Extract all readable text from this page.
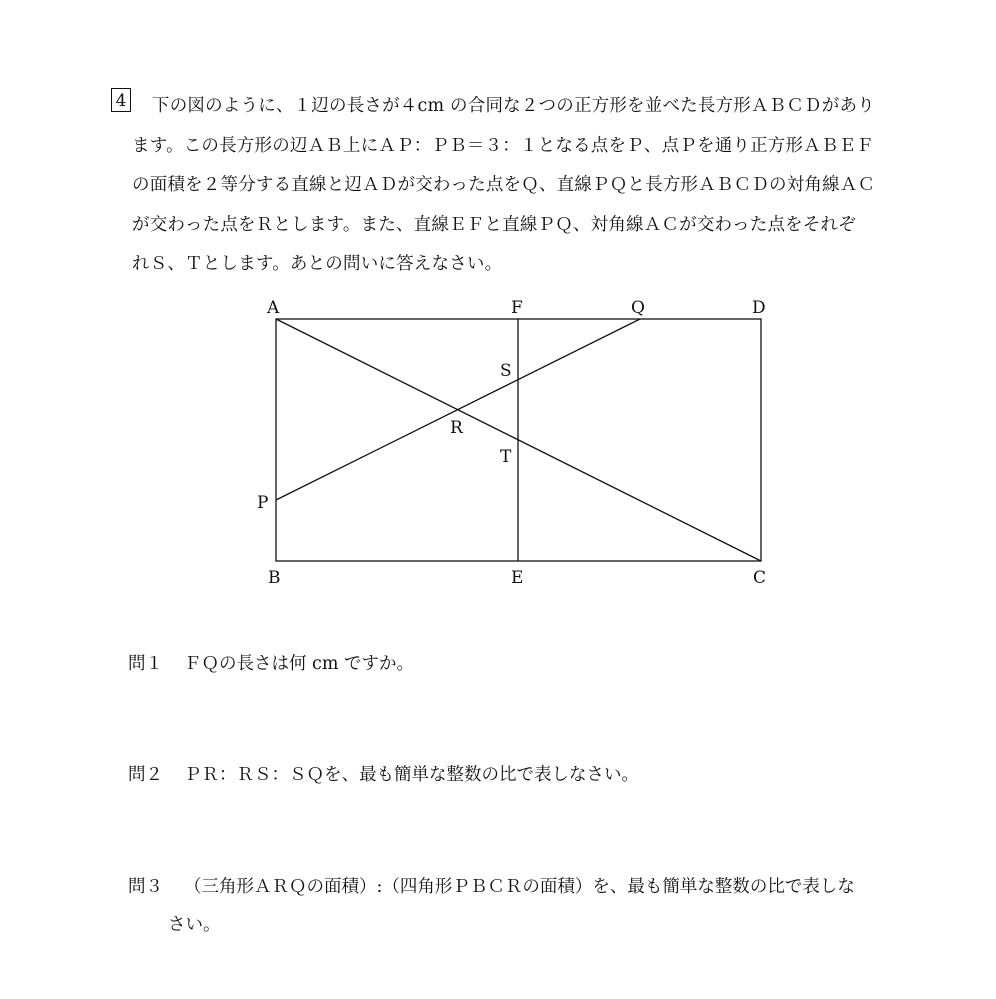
4	下の図のように、１辺の長さが４cm の合同な２つの正方形を並べた長方形ＡＢＣＤがあり
ます。この長方形の辺ＡＢ上にＡＰ：ＰＢ＝３：１となる点をＰ、点Ｐを通り正方形ＡＢＥＦ
の面積を２等分する直線と辺ＡＤが交わった点をＱ、直線ＰＱと長方形ＡＢＣＤの対角線ＡＣ
が交わった点をＲとします。また、直線ＥＦと直線ＰＱ、対角線ＡＣが交わった点をそれぞ
れＳ、Ｔとします。あとの問いに答えなさい。
A	F	Q	D
S
R
T
P
B	E	C
問１ ＦＱの長さは何 cm ですか。
問２ ＰＲ：ＲＳ：ＳＱを、最も簡単な整数の比で表しなさい。
問３ （三角形ＡＲＱの面積）:（四角形ＰＢＣＲの面積）を、最も簡単な整数の比で表しな
さい。
